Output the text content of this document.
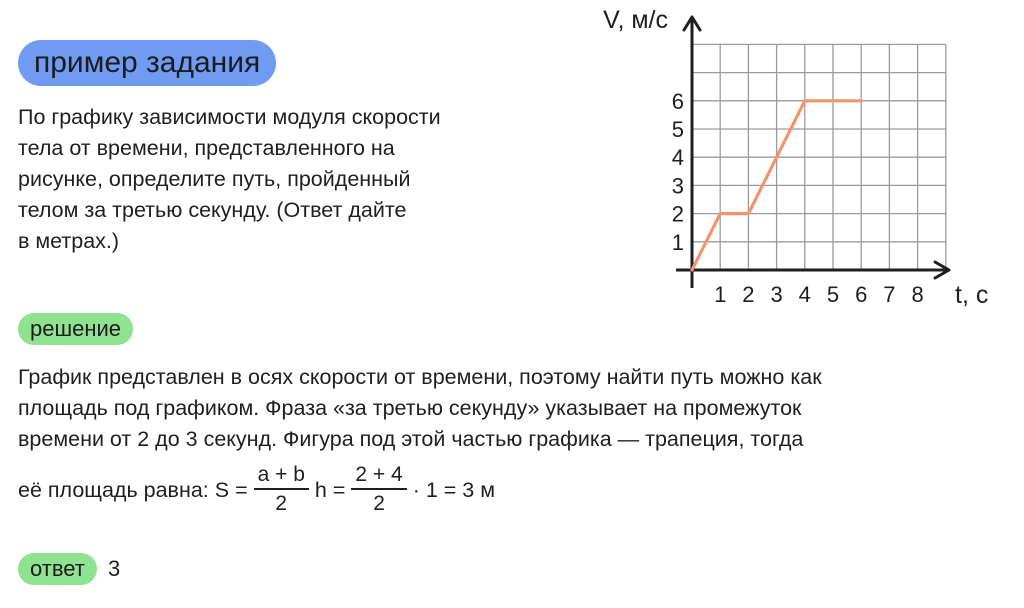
пример задания
По графику зависимости модуля скорости
тела от времени, представленного на
рисунке, определите путь, пройденный
телом за третью секунду. (Ответ дайте
в метрах.)
1 2 3 4 5 6 7 8
1
2
3
4
5
6
V, м/с
t, c
решение
График представлен в осях скорости от времени, поэтому найти путь можно как
площадь под графиком. Фраза «за третью секунду» указывает на промежуток
времени от 2 до 3 секунд. Фигура под этой частью графика — трапеция, тогда
её площадь равна: $S = \frac{a + b}{2}$ $h = \frac{2 + 4}{2} \cdot 1 = 3$ м
ответ	3
